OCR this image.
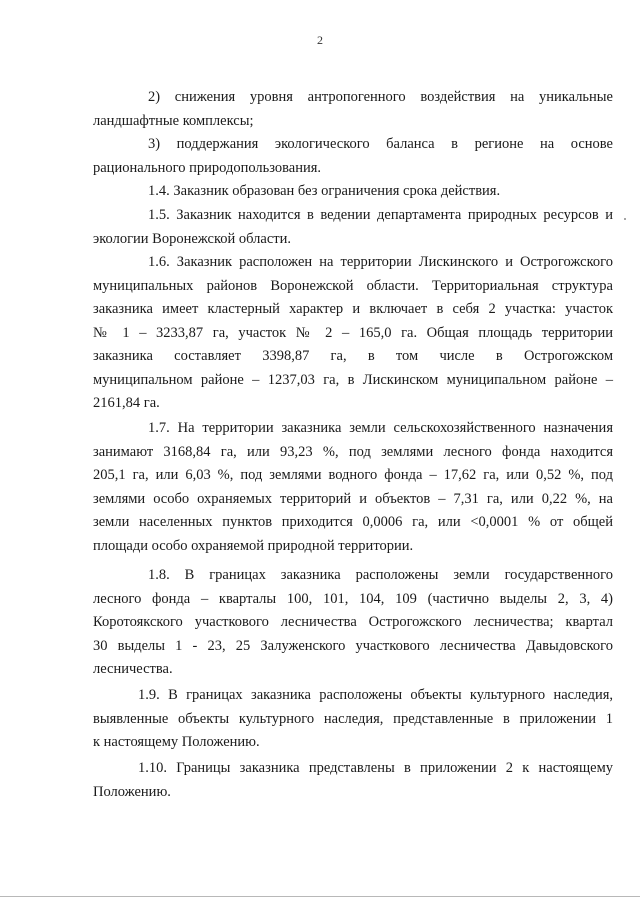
2
2) снижения уровня антропогенного воздействия на уникальные
ландшафтные комплексы;
3) поддержания экологического баланса в регионе на основе
рационального природопользования.
1.4. Заказник образован без ограничения срока действия.
1.5. Заказник находится в ведении департамента природных ресурсов и
экологии Воронежской области.
1.6. Заказник расположен на территории Лискинского и Острогожского
муниципальных районов Воронежской области. Территориальная структура
заказника имеет кластерный характер и включает в себя 2 участка: участок
№ 1 – 3233,87 га, участок № 2 – 165,0 га. Общая площадь территории
заказника составляет 3398,87 га, в том числе в Острогожском
муниципальном районе – 1237,03 га, в Лискинском муниципальном районе –
2161,84 га.
1.7. На территории заказника земли сельскохозяйственного назначения
занимают 3168,84 га, или 93,23 %, под землями лесного фонда находится
205,1 га, или 6,03 %, под землями водного фонда – 17,62 га, или 0,52 %, под
землями особо охраняемых территорий и объектов – 7,31 га, или 0,22 %, на
земли населенных пунктов приходится 0,0006 га, или <0,0001 % от общей
площади особо охраняемой природной территории.
1.8. В границах заказника расположены земли государственного
лесного фонда – кварталы 100, 101, 104, 109 (частично выделы 2, 3, 4)
Коротоякского участкового лесничества Острогожского лесничества; квартал
30 выделы 1 - 23, 25 Залуженского участкового лесничества Давыдовского
лесничества.
1.9. В границах заказника расположены объекты культурного наследия,
выявленные объекты культурного наследия, представленные в приложении 1
к настоящему Положению.
1.10. Границы заказника представлены в приложении 2 к настоящему
Положению.
